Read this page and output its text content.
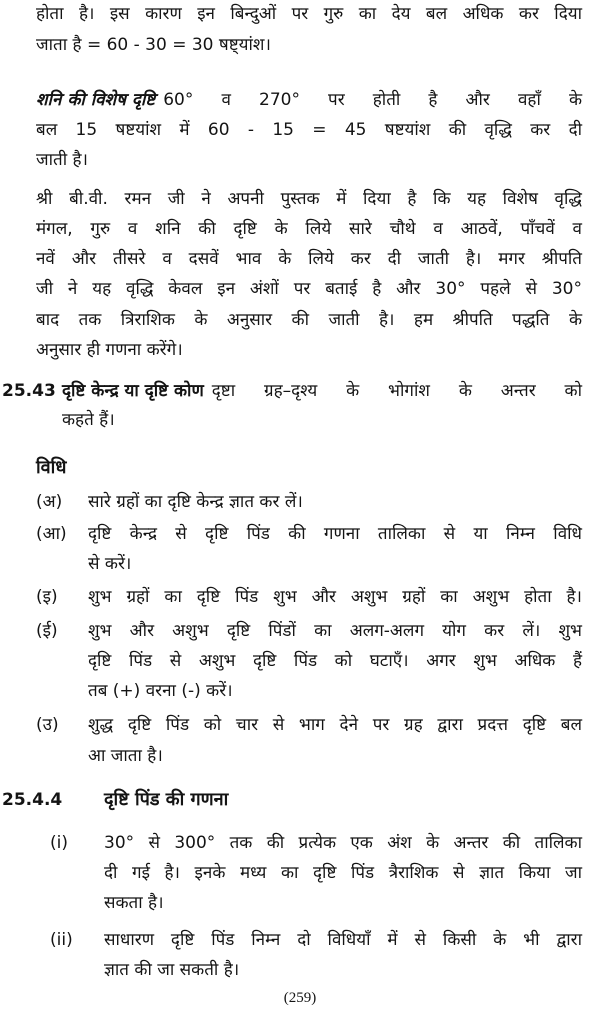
होता है। इस कारण इन बिन्दुओं पर गुरु का देय बल अधिक कर दिया
जाता है = 60 - 30 = 30 षष्ट्यांश।
शनि की विशेष दृष्टि 60° व 270° पर होती है और वहाँ के
बल 15 षष्टयांश में 60 - 15 = 45 षष्टयांश की वृद्धि कर दी
जाती है।
श्री बी.वी. रमन जी ने अपनी पुस्तक में दिया है कि यह विशेष वृद्धि
मंगल, गुरु व शनि की दृष्टि के लिये सारे चौथे व आठवें, पाँचवें व
नवें और तीसरे व दसवें भाव के लिये कर दी जाती है। मगर श्रीपति
जी ने यह वृद्धि केवल इन अंशों पर बताई है और 30° पहले से 30°
बाद तक त्रिराशिक के अनुसार की जाती है। हम श्रीपति पद्धति के
अनुसार ही गणना करेंगे।
25.43 दृष्टि केन्द्र या दृष्टि कोण दृष्टा ग्रह–दृश्य के भोगांश के अन्तर को
कहते हैं।
विधि
(अ) सारे ग्रहों का दृष्टि केन्द्र ज्ञात कर लें।
(आ) दृष्टि केन्द्र से दृष्टि पिंड की गणना तालिका से या निम्न विधि
से करें।
(इ) शुभ ग्रहों का दृष्टि पिंड शुभ और अशुभ ग्रहों का अशुभ होता है।
(ई) शुभ और अशुभ दृष्टि पिंडों का अलग-अलग योग कर लें। शुभ
दृष्टि पिंड से अशुभ दृष्टि पिंड को घटाएँ। अगर शुभ अधिक हैं
तब (+) वरना (-) करें।
(उ) शुद्ध दृष्टि पिंड को चार से भाग देने पर ग्रह द्वारा प्रदत्त दृष्टि बल
आ जाता है।
25.4.4 दृष्टि पिंड की गणना
(i) 30° से 300° तक की प्रत्येक एक अंश के अन्तर की तालिका
दी गई है। इनके मध्य का दृष्टि पिंड त्रैराशिक से ज्ञात किया जा
सकता है।
(ii) साधारण दृष्टि पिंड निम्न दो विधियाँ में से किसी के भी द्वारा
ज्ञात की जा सकती है।
(259)
